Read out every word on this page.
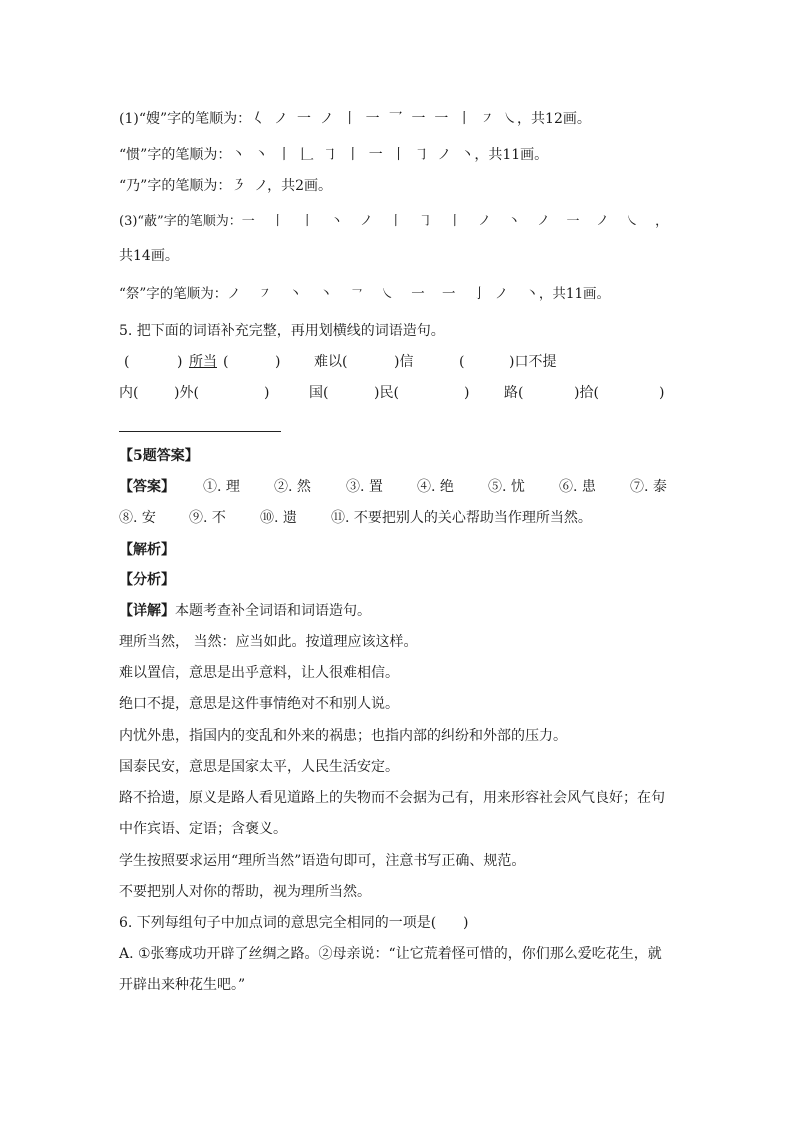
(1)“嫂”字的笔顺为：𡿨  ノ  一  ノ  丨  一  乛  一  一  丨  ㇇  ㇏，共12画。
“惯”字的笔顺为：丶  丶  丨  𠃊  ㇆  丨  一  丨  ㇆  ノ  丶，共11画。
“乃”字的笔顺为：㇋  ノ，共2画。
(3)“蔽”字的笔顺为：一    丨    丨    丶    ノ    丨    ㇆    丨    ノ    丶    ノ    一    ノ    ㇏    ，
共14画。
“祭”字的笔顺为：ノ    ㇇    丶    丶    ㇖    ㇏    一    一    亅  ノ    丶，共11画。
5. 把下面的词语补充完整，再用划横线的词语造句。
(	) 所当 (	) 难以(	)信	(	)口不提
内(	)外(	)	国(	)民(	) 路(	)拾(	)
【5题答案】
【答案】 ①. 理 ②. 然	③. 置 ④. 绝 ⑤. 忧 ⑥. 患 ⑦. 泰
⑧. 安 ⑨. 不 ⑩. 遗 ⑪. 不要把别人的关心帮助当作理所当然。
【解析】
【分析】
【详解】本题考查补全词语和词语造句。
理所当然， 当然：应当如此。按道理应该这样。
难以置信，意思是出乎意料，让人很难相信。
绝口不提，意思是这件事情绝对不和别人说。
内忧外患，指国内的变乱和外来的祸患；也指内部的纠纷和外部的压力。
国泰民安，意思是国家太平，人民生活安定。
路不拾遗，原义是路人看见道路上的失物而不会据为己有，用来形容社会风气良好；在句
中作宾语、定语；含褒义。
学生按照要求运用“理所当然”语造句即可，注意书写正确、规范。
不要把别人对你的帮助，视为理所当然。
6. 下列每组句子中加点词的意思完全相同的一项是(      )
A. ①张骞成功开辟了丝绸之路。②母亲说：“让它荒着怪可惜的，你们那么爱吃花生，就
开辟出来种花生吧。”
